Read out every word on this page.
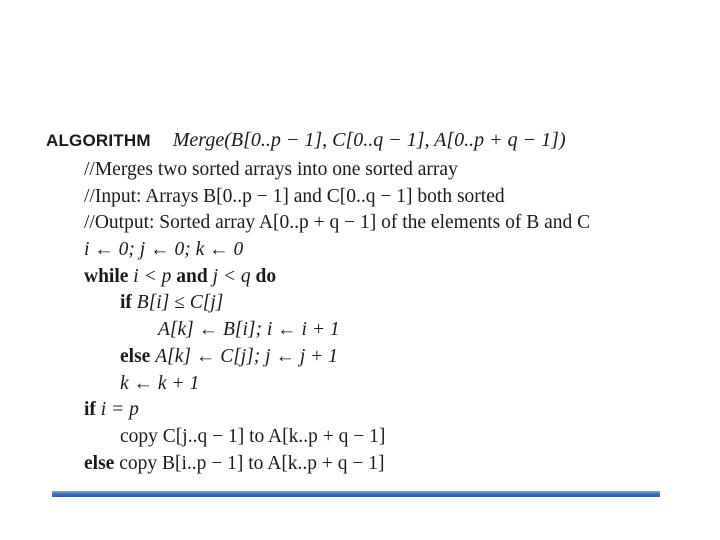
ALGORITHM Merge(B[0..p − 1], C[0..q − 1], A[0..p + q − 1])
//Merges two sorted arrays into one sorted array
//Input: Arrays B[0..p − 1] and C[0..q − 1] both sorted
//Output: Sorted array A[0..p + q − 1] of the elements of B and C
i ← 0; j ← 0; k ← 0
while i < p and j < q do
if B[i] ≤ C[j]
A[k] ← B[i]; i ← i + 1
else A[k] ← C[j]; j ← j + 1
k ← k + 1
if i = p
copy C[j..q − 1] to A[k..p + q − 1]
else copy B[i..p − 1] to A[k..p + q − 1]
